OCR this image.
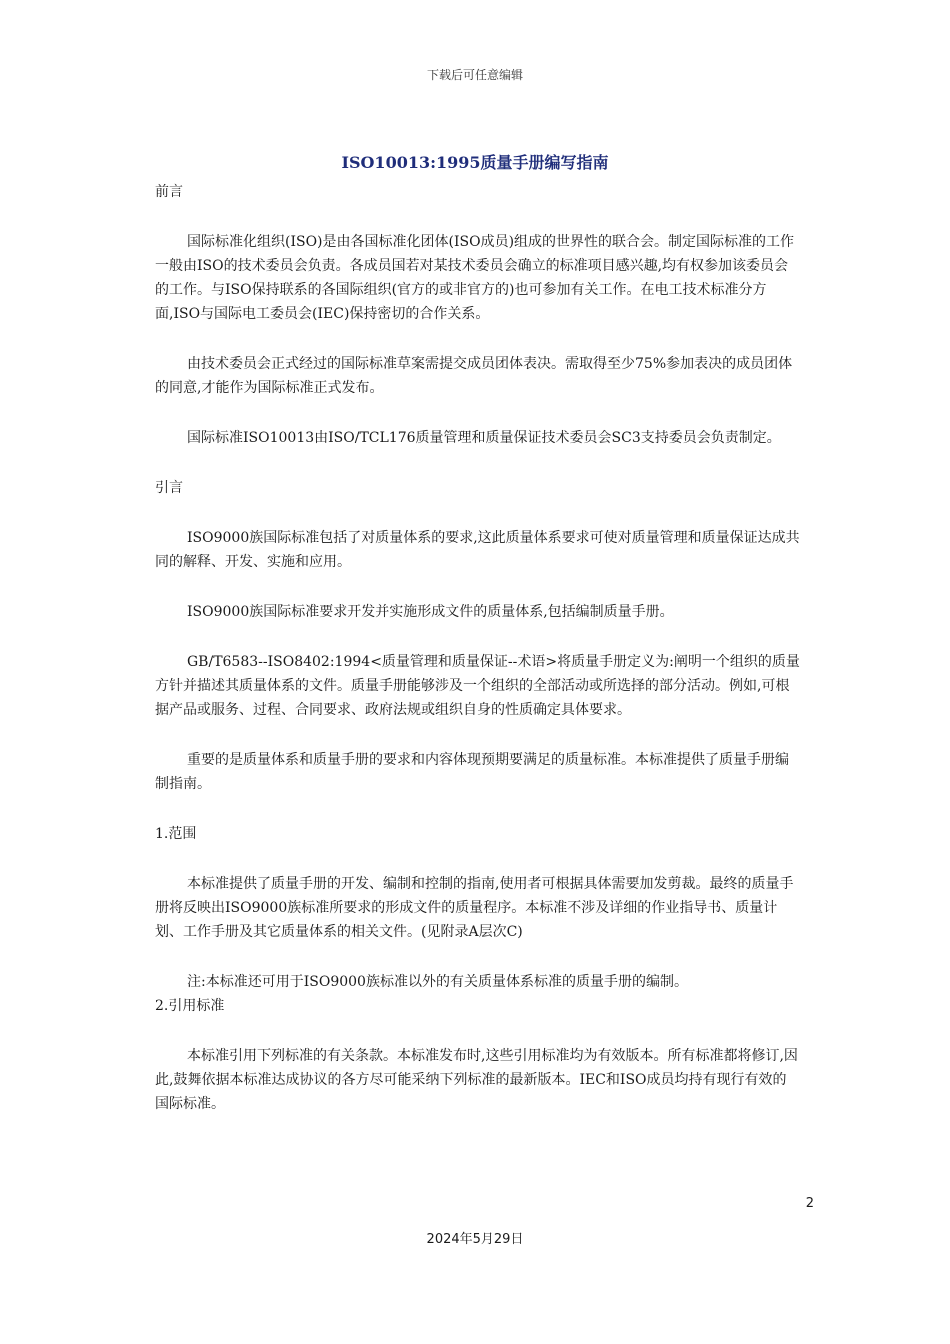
下载后可任意编辑
ISO10013:1995质量手册编写指南
前言

国际标准化组织(ISO)是由各国标准化团体(ISO成员)组成的世界性的联合会。制定国际标准的工作一般由ISO的技术委员会负责。各成员国若对某技术委员会确立的标准项目感兴趣,均有权参加该委员会的工作。与ISO保持联系的各国际组织(官方的或非官方的)也可参加有关工作。在电工技术标准分方面,ISO与国际电工委员会(IEC)保持密切的合作关系。

由技术委员会正式经过的国际标准草案需提交成员团体表决。需取得至少75%参加表决的成员团体的同意,才能作为国际标准正式发布。

国际标准ISO10013由ISO/TCL176质量管理和质量保证技术委员会SC3支持委员会负责制定。

引言

ISO9000族国际标准包括了对质量体系的要求,这此质量体系要求可使对质量管理和质量保证达成共同的解释、开发、实施和应用。

ISO9000族国际标准要求开发并实施形成文件的质量体系,包括编制质量手册。

GB/T6583--ISO8402:1994<质量管理和质量保证--术语>将质量手册定义为:阐明一个组织的质量方针并描述其质量体系的文件。质量手册能够涉及一个组织的全部活动或所选择的部分活动。例如,可根据产品或服务、过程、合同要求、政府法规或组织自身的性质确定具体要求。

重要的是质量体系和质量手册的要求和内容体现预期要满足的质量标准。本标准提供了质量手册编制指南。

1.范围

本标准提供了质量手册的开发、编制和控制的指南,使用者可根据具体需要加发剪裁。最终的质量手册将反映出ISO9000族标准所要求的形成文件的质量程序。本标准不涉及详细的作业指导书、质量计划、工作手册及其它质量体系的相关文件。(见附录A层次C)

注:本标准还可用于ISO9000族标准以外的有关质量体系标准的质量手册的编制。

2.引用标准

本标准引用下列标准的有关条款。本标准发布时,这些引用标准均为有效版本。所有标准都将修订,因此,鼓舞依据本标准达成协议的各方尽可能采纳下列标准的最新版本。IEC和ISO成员均持有现行有效的国际标准。

2
2024年5月29日
